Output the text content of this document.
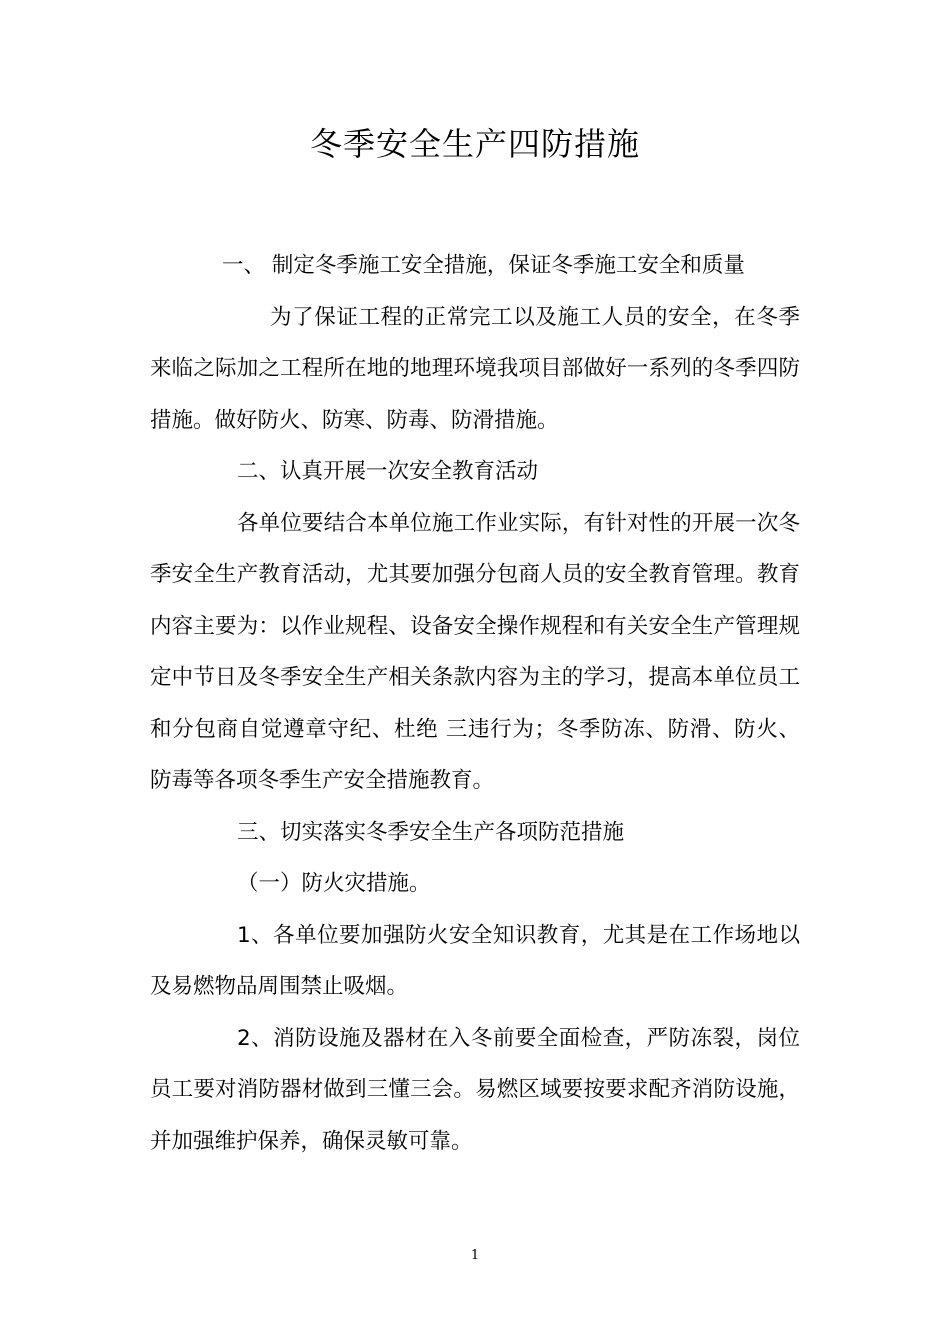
冬季安全生产四防措施

一、 制定冬季施工安全措施，保证冬季施工安全和质量

为了保证工程的正常完工以及施工人员的安全，在冬季来临之际加之工程所在地的地理环境我项目部做好一系列的冬季四防措施。做好防火、防寒、防毒、防滑措施。

二、认真开展一次安全教育活动

各单位要结合本单位施工作业实际，有针对性的开展一次冬季安全生产教育活动，尤其要加强分包商人员的安全教育管理。教育内容主要为：以作业规程、设备安全操作规程和有关安全生产管理规定中节日及冬季安全生产相关条款内容为主的学习，提高本单位员工和分包商自觉遵章守纪、杜绝 三违行为；冬季防冻、防滑、防火、防毒等各项冬季生产安全措施教育。

三、切实落实冬季安全生产各项防范措施

（一）防火灾措施。

1、各单位要加强防火安全知识教育，尤其是在工作场地以及易燃物品周围禁止吸烟。

2、消防设施及器材在入冬前要全面检查，严防冻裂，岗位员工要对消防器材做到三懂三会。易燃区域要按要求配齐消防设施，并加强维护保养，确保灵敏可靠。

1
